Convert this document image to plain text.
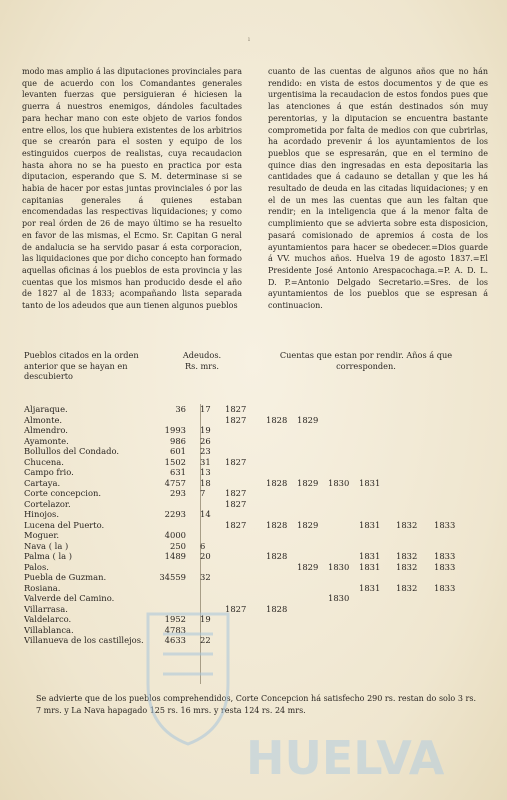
ı

modo mas amplio á las diputaciones provinciales para que de acuerdo con los Comandantes generales levanten fuerzas que persiguieran é hiciesen la guerra á nuestros enemigos, dándoles facultades para hechar mano con este objeto de varios fondos entre ellos, los que hubiera existentes de los arbitrios que se crearón para el sosten y equipo de los estinguidos cuerpos de realistas, cuya recaudacion hasta ahora no se ha puesto en practica por esta diputacion, esperando que S. M. determinase si se habia de hacer por estas juntas provinciales ó por las capitanias generales á quienes estaban encomendadas las respectivas liquidaciones; y como por real órden de 26 de mayo último se ha resuelto en favor de las mismas, el Ecmo. Sr. Capitan G neral de andalucia se ha servido pasar á esta corporacion, las liquidaciones que por dicho concepto han formado aquellas oficinas á los pueblos de esta provincia y las cuentas que los mismos han producido desde el año de 1827 al de 1833; acompañando lista separada tanto de los adeudos que aun tienen algunos pueblos

cuanto de las cuentas de algunos años que no hán rendido: en vista de estos documentos y de que es urgentisima la recaudacion de estos fondos pues que las atenciones á que están destinados són muy perentorias, y la diputacion se encuentra bastante comprometida por falta de medios con que cubrirlas, ha acordado prevenir á los ayuntamientos de los pueblos que se espresarán, que en el termino de quince dias den ingresadas en esta depositaria las cantidades que á cadauno se detallan y que les há resultado de deuda en las citadas liquidaciones; y en el de un mes las cuentas que aun les faltan que rendir; en la inteligencia que á la menor falta de cumplimiento que se advierta sobre esta disposicion, pasará comisionado de apremios á costa de los ayuntamientos para hacer se obedecer.=Dios guarde á VV. muchos años. Huelva 19 de agosto 1837.=El Presidente José Antonio Arespacochaga.=P. A. D. L. D. P.=Antonio Delgado Secretario.=Sres. de los ayuntamientos de los pueblos que se espresan á continuacion.

Pueblos citados en la orden anterior que se hayan en descubierto
Adeudos.
Rs. mrs.
Cuentas que estan por rendir. Años á que corresponden.
Aljaraque.	36 17	1827
Almonte.	1827	1828	1829
Almendro.	1993 19
Ayamonte.	986 26
Bollullos del Condado.	601 23
Chucena.	1502 31	1827
Campo frio.	631 13
Cartaya.	4757 18	1828	1829	1830	1831
Corte concepcion.	293 7	1827
Cortelazor.	1827
Hinojos.	2293 14
Lucena del Puerto.	1827	1828	1829	1831	1832	1833
Moguer.	4000
Nava ( la )	250 6
Palma ( la )	1489 20	1828	1831	1832	1833
Palos.	1829	1830	1831	1832	1833
Puebla de Guzman.	34559 32
Rosiana.	1831	1832	1833
Valverde del Camino.	1830
Villarrasa.	1827	1828
Valdelarco.	1952 19
Villablanca.	4783
Villanueva de los castillejos.	4633 22
Se advierte que de los pueblos comprehendidos, Corte Concepcion há satisfecho 290 rs. restan do solo 3 rs. 7 mrs. y La Nava hapagado 125 rs. 16 mrs. y resta 124 rs. 24 mrs.
HUELVA
